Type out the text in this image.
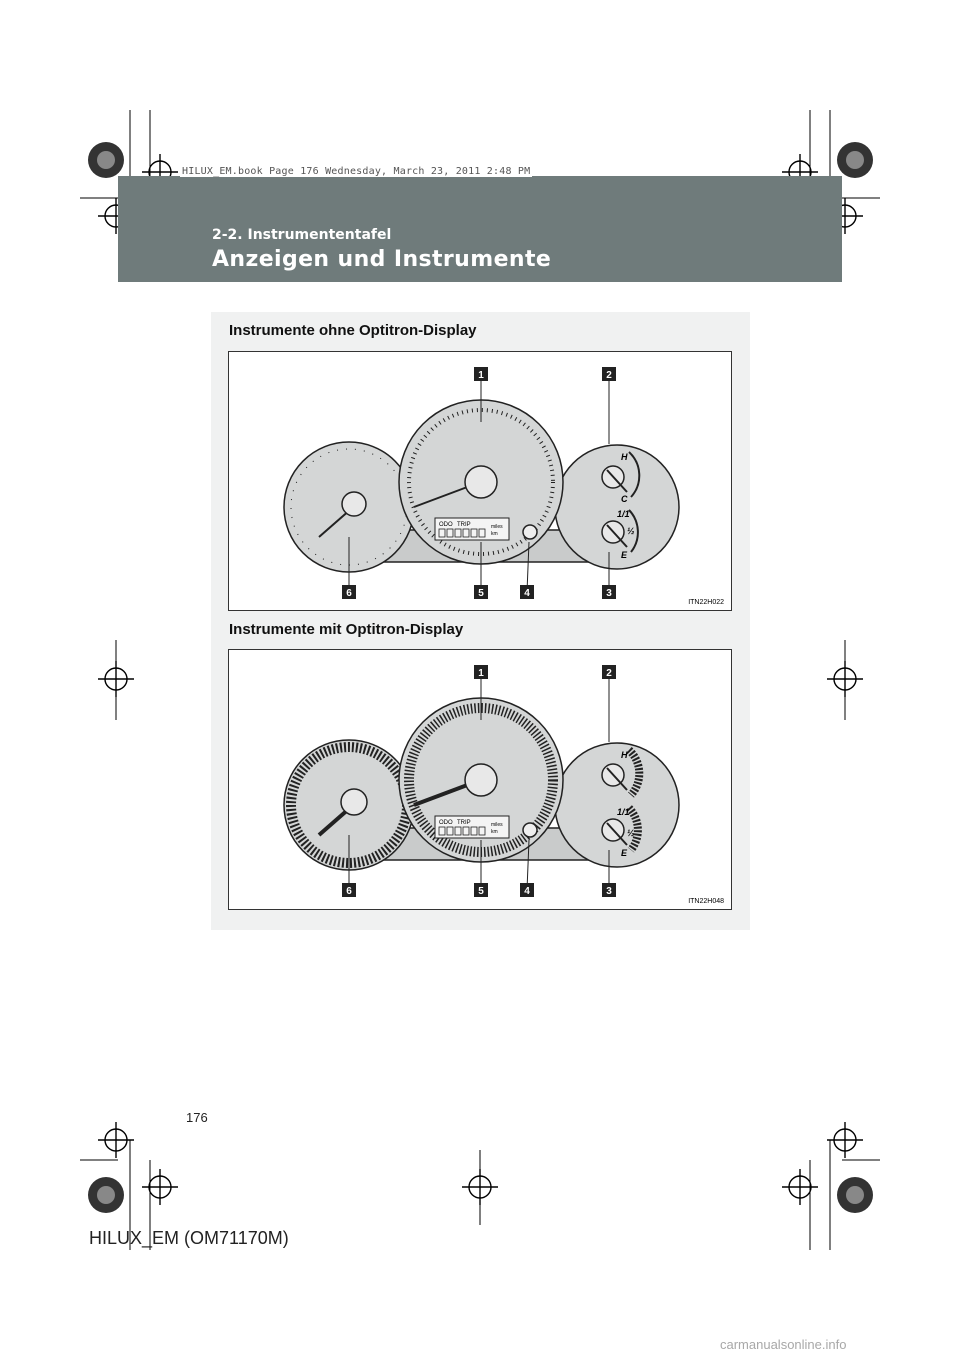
HILUX_EM.book Page 176 Wednesday, March 23, 2011 2:48 PM
2-2. Instrumententafel
Anzeigen und Instrumente
Instrumente ohne Optitron-Display
ODO TRIP	miles
km
H
C
1/1
½
E
1	2
3
4
5
6
ITN22H022
Instrumente mit Optitron-Display
ODO TRIP	miles
km
H
1/1
½
E
1	2
3
4
5
6
ITN22H048
176
HILUX_EM (OM71170M)
carmanualsonline.info
